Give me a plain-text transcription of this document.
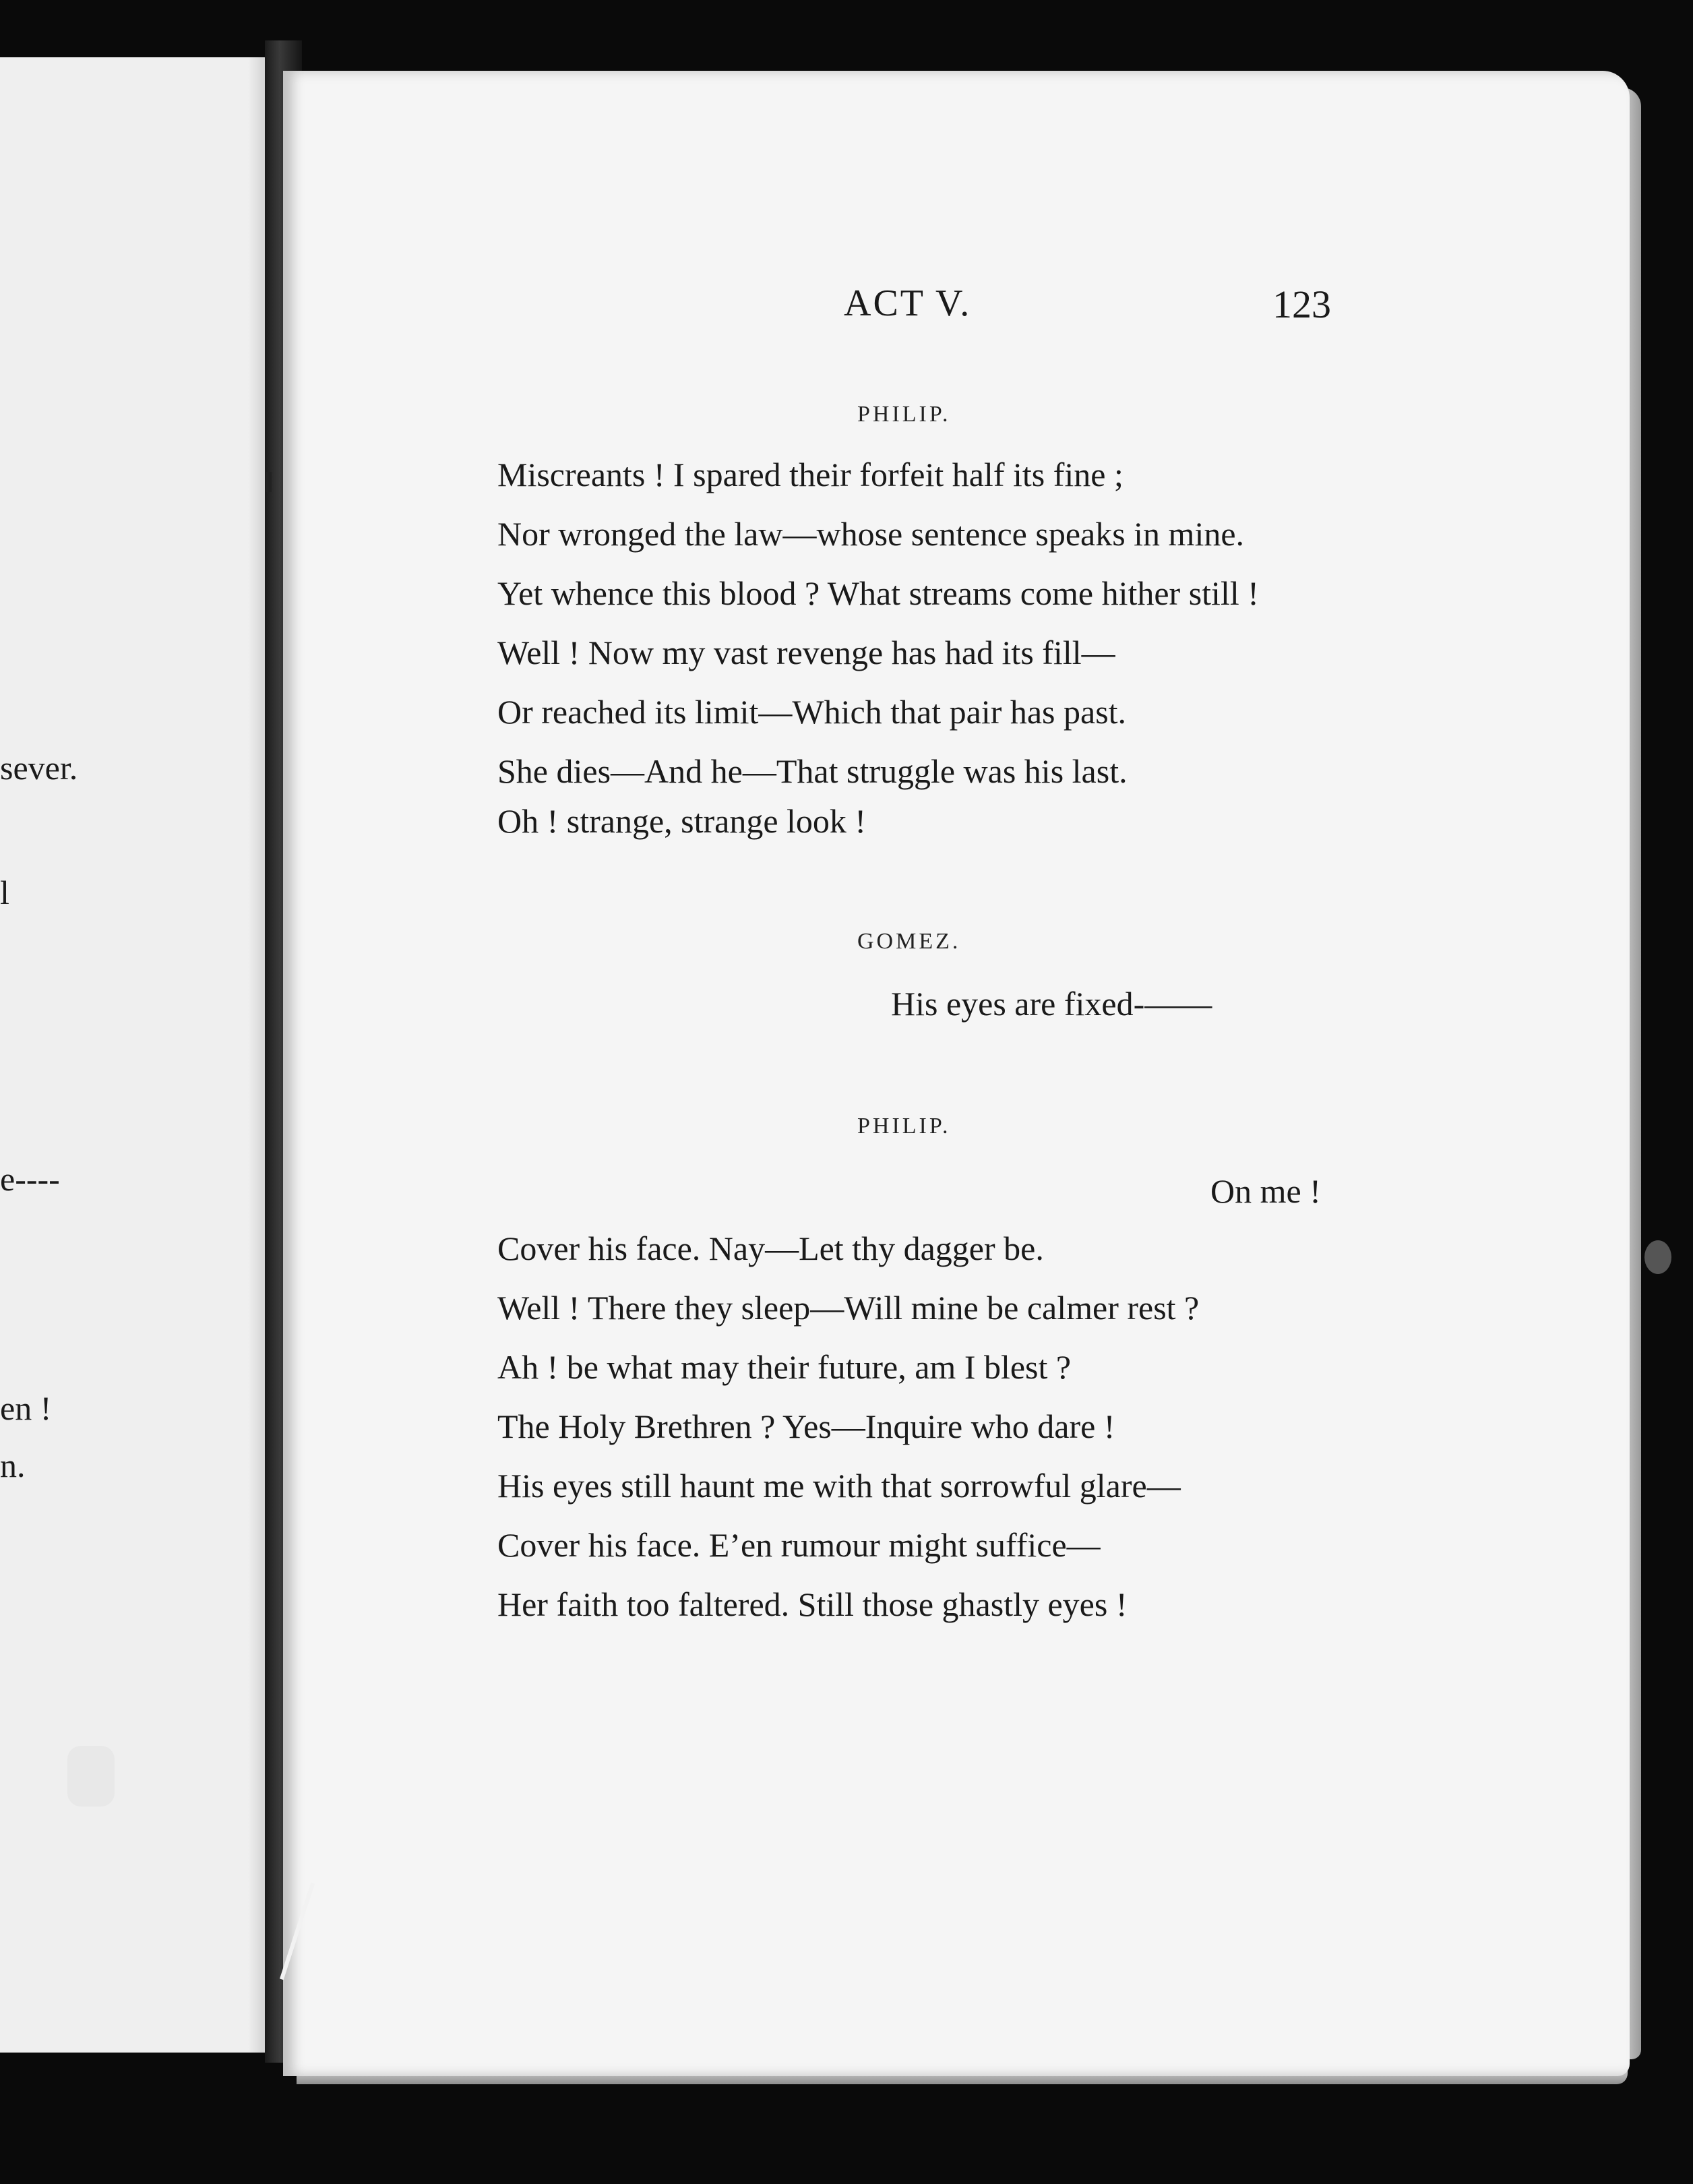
sever.
l
e----
en !
n.
ACT V.	123
PHILIP.
Miscreants ! I spared their forfeit half its fine ;
Nor wronged the law—whose sentence speaks in mine.
Yet whence this blood ? What streams come hither still !
Well ! Now my vast revenge has had its fill—
Or reached its limit—Which that pair has past.
She dies—And he—That struggle was his last.
Oh ! strange, strange look !
GOMEZ.
His eyes are fixed-——
PHILIP.
On me !
Cover his face. Nay—Let thy dagger be.
Well ! There they sleep—Will mine be calmer rest ?
Ah ! be what may their future, am I blest ?
The Holy Brethren ? Yes—Inquire who dare !
His eyes still haunt me with that sorrowful glare—
Cover his face. E’en rumour might suffice—
Her faith too faltered. Still those ghastly eyes !
